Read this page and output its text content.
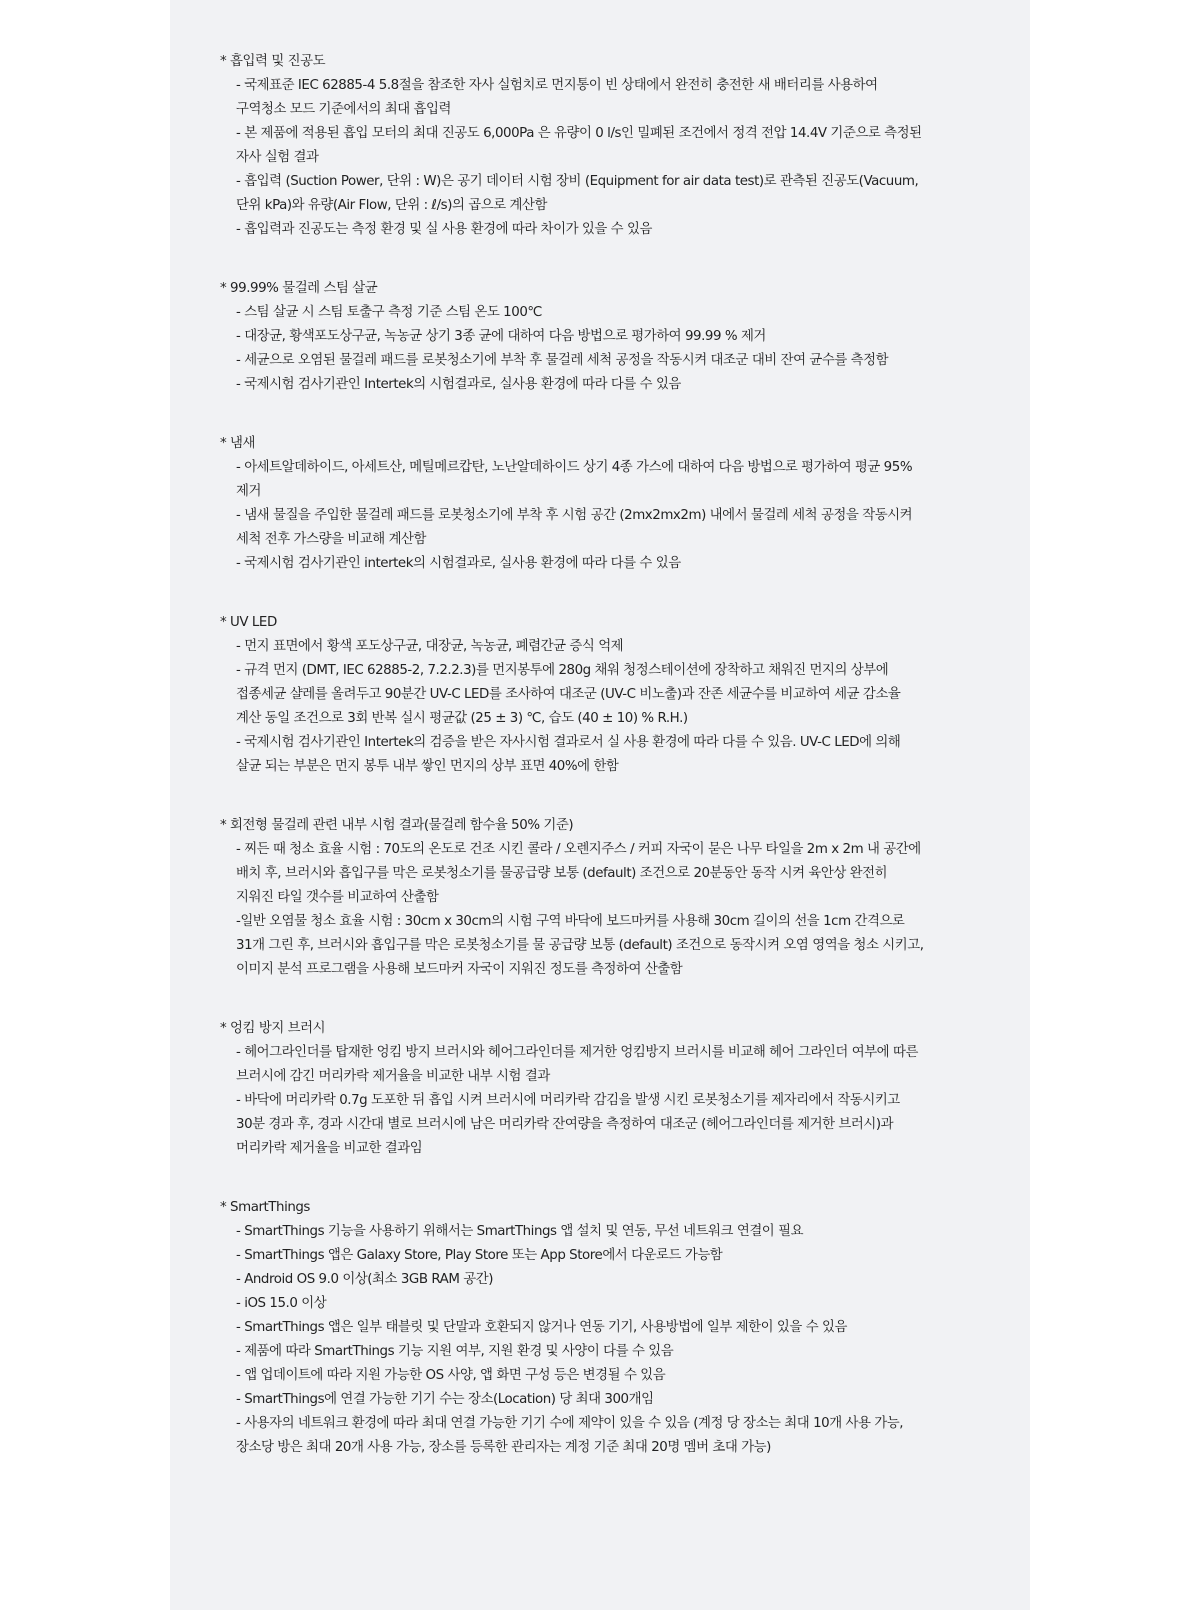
* 흡입력 및 진공도
- 국제표준 IEC 62885-4 5.8절을 참조한 자사 실험치로 먼지통이 빈 상태에서 완전히 충전한 새 배터리를 사용하여
구역청소 모드 기준에서의 최대 흡입력
- 본 제품에 적용된 흡입 모터의 최대 진공도 6,000Pa 은 유량이 0 l/s인 밀폐된 조건에서 정격 전압 14.4V 기준으로 측정된
자사 실험 결과
- 흡입력 (Suction Power, 단위 : W)은 공기 데이터 시험 장비 (Equipment for air data test)로 관측된 진공도(Vacuum,
단위 kPa)와 유량(Air Flow, 단위 : ℓ/s)의 곱으로 계산함
- 흡입력과 진공도는 측정 환경 및 실 사용 환경에 따라 차이가 있을 수 있음
* 99.99% 물걸레 스팀 살균
- 스팀 살균 시 스팀 토출구 측정 기준 스팀 온도 100℃
- 대장균, 황색포도상구균, 녹농균 상기 3종 균에 대하여 다음 방법으로 평가하여 99.99 % 제거
- 세균으로 오염된 물걸레 패드를 로봇청소기에 부착 후 물걸레 세척 공정을 작동시켜 대조군 대비 잔여 균수를 측정함
- 국제시험 검사기관인 Intertek의 시험결과로, 실사용 환경에 따라 다를 수 있음
* 냄새
- 아세트알데하이드, 아세트산, 메틸메르캅탄, 노난알데하이드 상기 4종 가스에 대하여 다음 방법으로 평가하여 평균 95%
제거
- 냄새 물질을 주입한 물걸레 패드를 로봇청소기에 부착 후 시험 공간 (2mx2mx2m) 내에서 물걸레 세척 공정을 작동시켜
세척 전후 가스량을 비교해 계산함
- 국제시험 검사기관인 intertek의 시험결과로, 실사용 환경에 따라 다를 수 있음
* UV LED
- 먼지 표면에서 황색 포도상구균, 대장균, 녹농균, 폐렴간균 증식 억제
- 규격 먼지 (DMT, IEC 62885-2, 7.2.2.3)를 먼지봉투에 280g 채워 청정스테이션에 장착하고 채워진 먼지의 상부에
접종세균 샬레를 올려두고 90분간 UV-C LED를 조사하여 대조군 (UV-C 비노출)과 잔존 세균수를 비교하여 세균 감소율
계산 동일 조건으로 3회 반복 실시 평균값 (25 ± 3) ℃, 습도 (40 ± 10) % R.H.)
- 국제시험 검사기관인 Intertek의 검증을 받은 자사시험 결과로서 실 사용 환경에 따라 다를 수 있음. UV-C LED에 의해
살균 되는 부분은 먼지 봉투 내부 쌓인 먼지의 상부 표면 40%에 한함
* 회전형 물걸레 관련 내부 시험 결과(물걸레 함수율 50% 기준)
- 찌든 때 청소 효율 시험 : 70도의 온도로 건조 시킨 콜라 / 오렌지주스 / 커피 자국이 묻은 나무 타일을 2m x 2m 내 공간에
배치 후, 브러시와 흡입구를 막은 로봇청소기를 물공급량 보통 (default) 조건으로 20분동안 동작 시켜 육안상 완전히
지워진 타일 갯수를 비교하여 산출함
-일반 오염물 청소 효율 시험 : 30cm x 30cm의 시험 구역 바닥에 보드마커를 사용해 30cm 길이의 선을 1cm 간격으로
31개 그린 후, 브러시와 흡입구를 막은 로봇청소기를 물 공급량 보통 (default) 조건으로 동작시켜 오염 영역을 청소 시키고,
이미지 분석 프로그램을 사용해 보드마커 자국이 지워진 정도를 측정하여 산출함
* 엉킴 방지 브러시
- 헤어그라인더를 탑재한 엉킴 방지 브러시와 헤어그라인더를 제거한 엉킴방지 브러시를 비교해 헤어 그라인더 여부에 따른
브러시에 감긴 머리카락 제거율을 비교한 내부 시험 결과
- 바닥에 머리카락 0.7g 도포한 뒤 흡입 시켜 브러시에 머리카락 감김을 발생 시킨 로봇청소기를 제자리에서 작동시키고
30분 경과 후, 경과 시간대 별로 브러시에 남은 머리카락 잔여량을 측정하여 대조군 (헤어그라인더를 제거한 브러시)과
머리카락 제거율을 비교한 결과임
* SmartThings
- SmartThings 기능을 사용하기 위해서는 SmartThings 앱 설치 및 연동, 무선 네트워크 연결이 필요
- SmartThings 앱은 Galaxy Store, Play Store 또는 App Store에서 다운로드 가능함
- Android OS 9.0 이상(최소 3GB RAM 공간)
- iOS 15.0 이상
- SmartThings 앱은 일부 태블릿 및 단말과 호환되지 않거나 연동 기기, 사용방법에 일부 제한이 있을 수 있음
- 제품에 따라 SmartThings 기능 지원 여부, 지원 환경 및 사양이 다를 수 있음
- 앱 업데이트에 따라 지원 가능한 OS 사양, 앱 화면 구성 등은 변경될 수 있음
- SmartThings에 연결 가능한 기기 수는 장소(Location) 당 최대 300개임
- 사용자의 네트워크 환경에 따라 최대 연결 가능한 기기 수에 제약이 있을 수 있음 (계정 당 장소는 최대 10개 사용 가능,
장소당 방은 최대 20개 사용 가능, 장소를 등록한 관리자는 계정 기준 최대 20명 멤버 초대 가능)
